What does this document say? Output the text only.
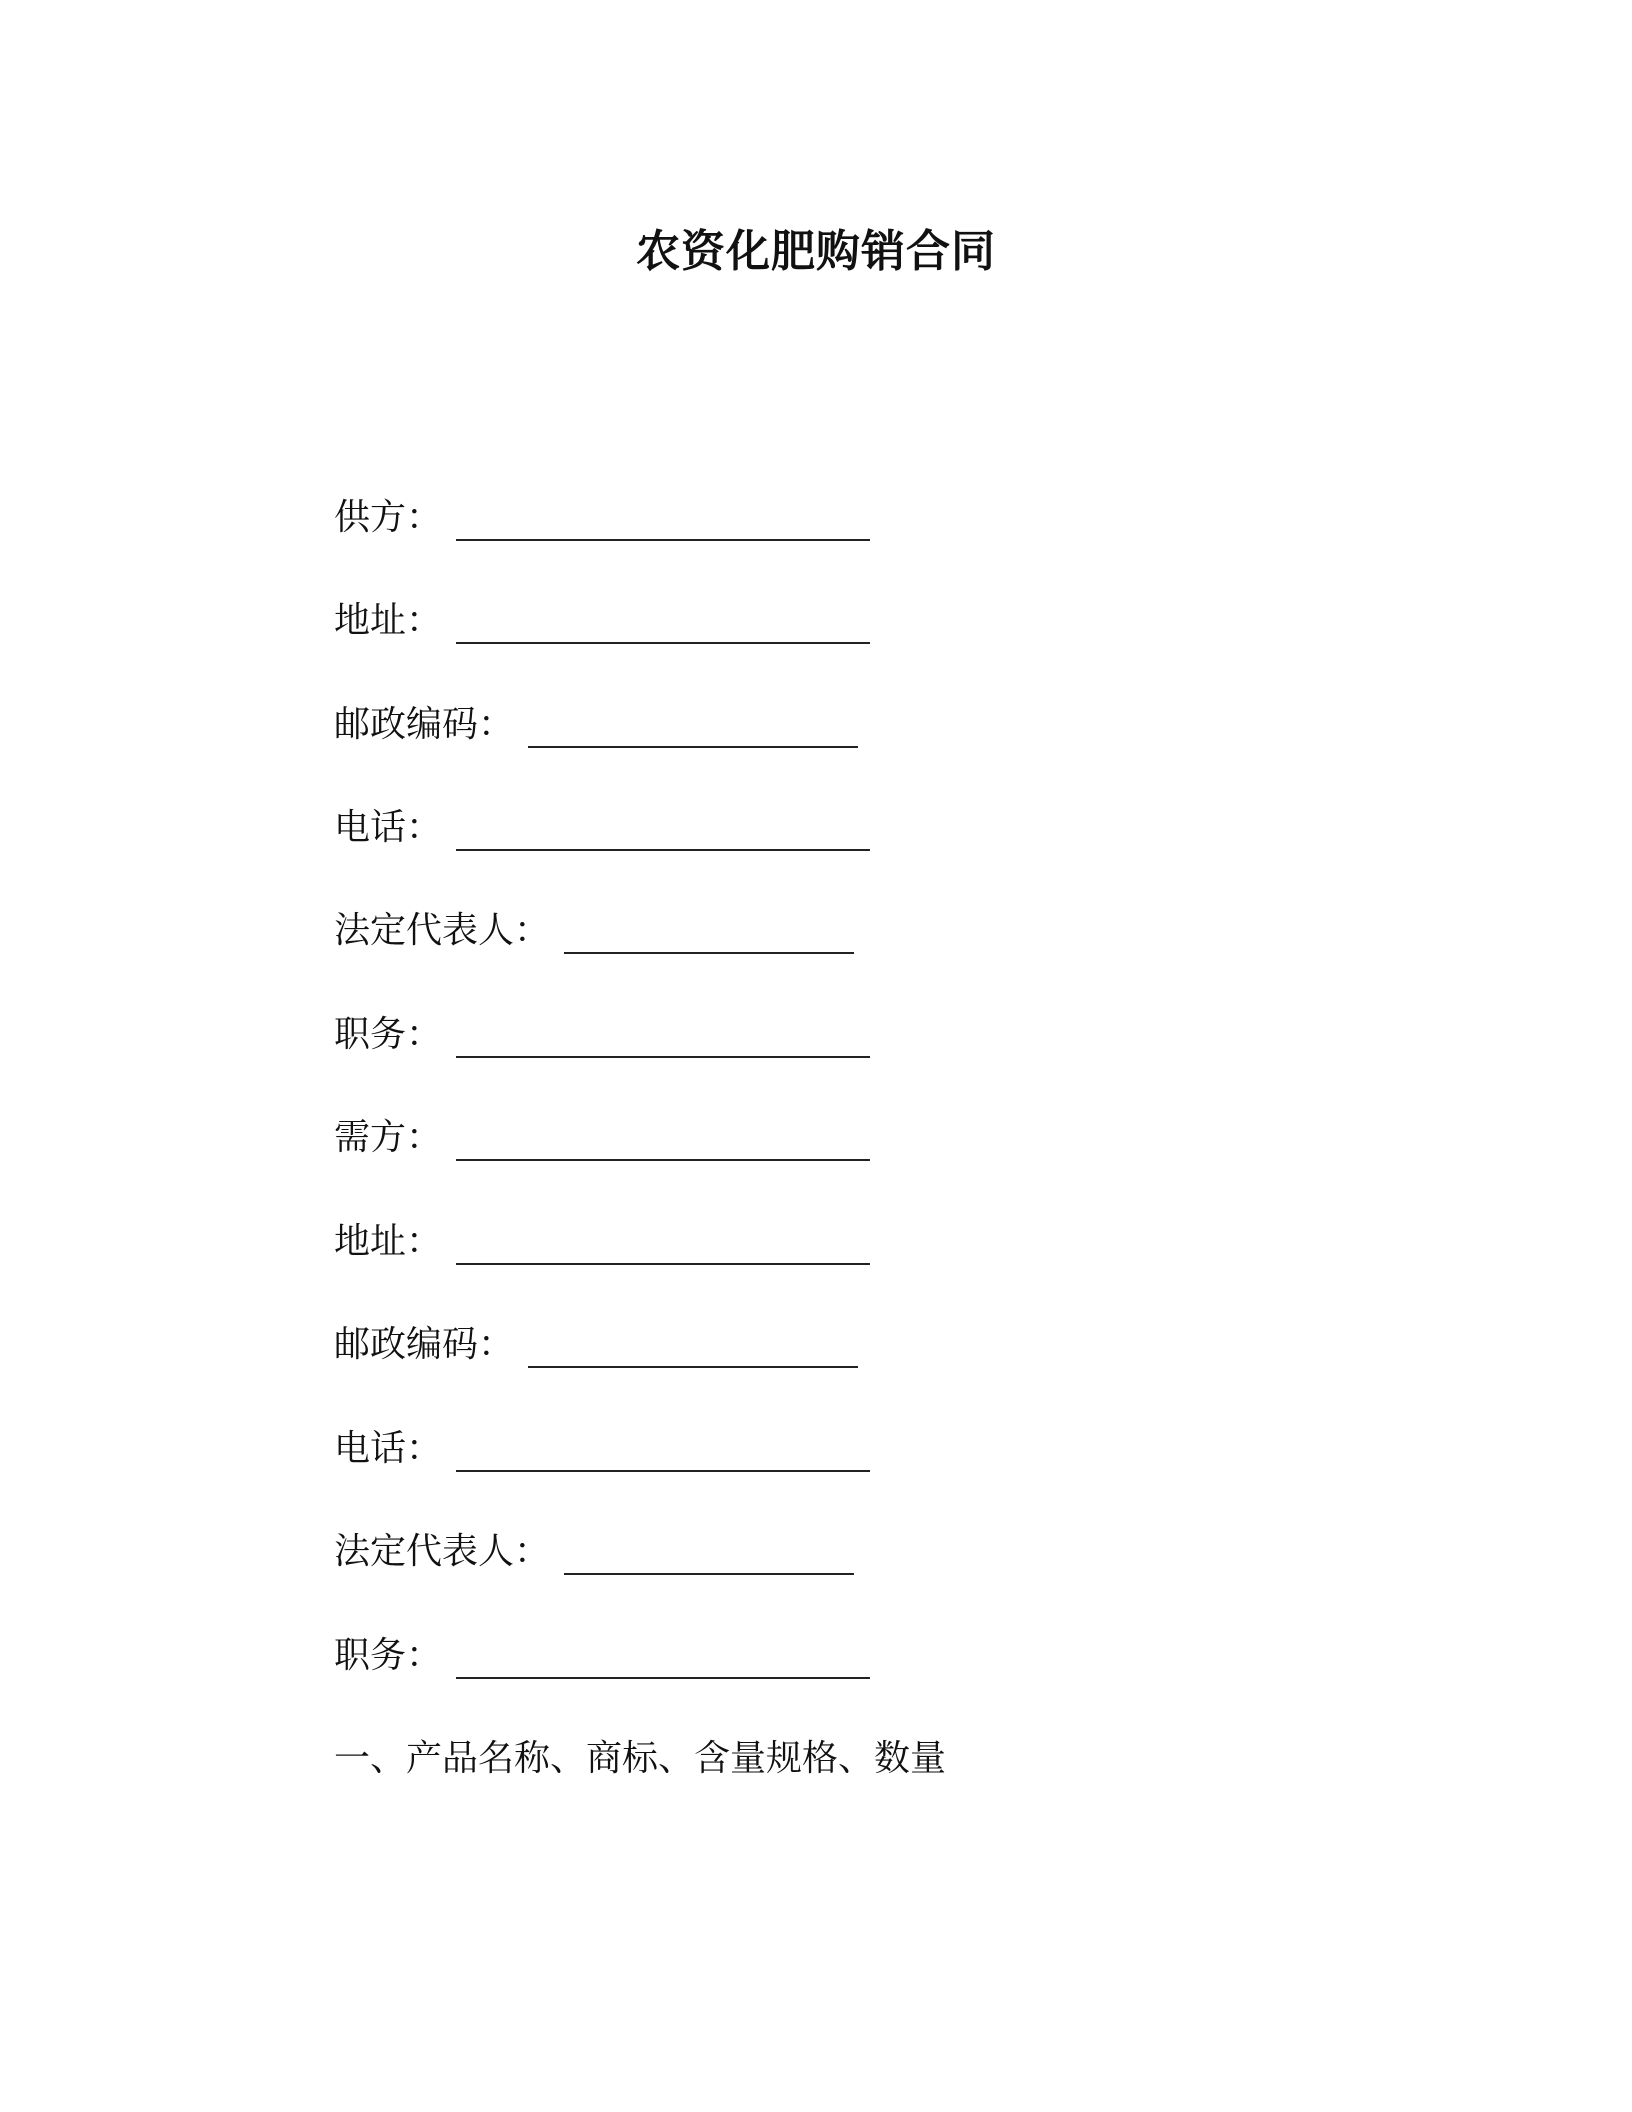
农资化肥购销合同
供方：
地址：
邮政编码：
电话：
法定代表人：
职务：
需方：
地址：
邮政编码：
电话：
法定代表人：
职务：
一、产品名称、商标、含量规格、数量
